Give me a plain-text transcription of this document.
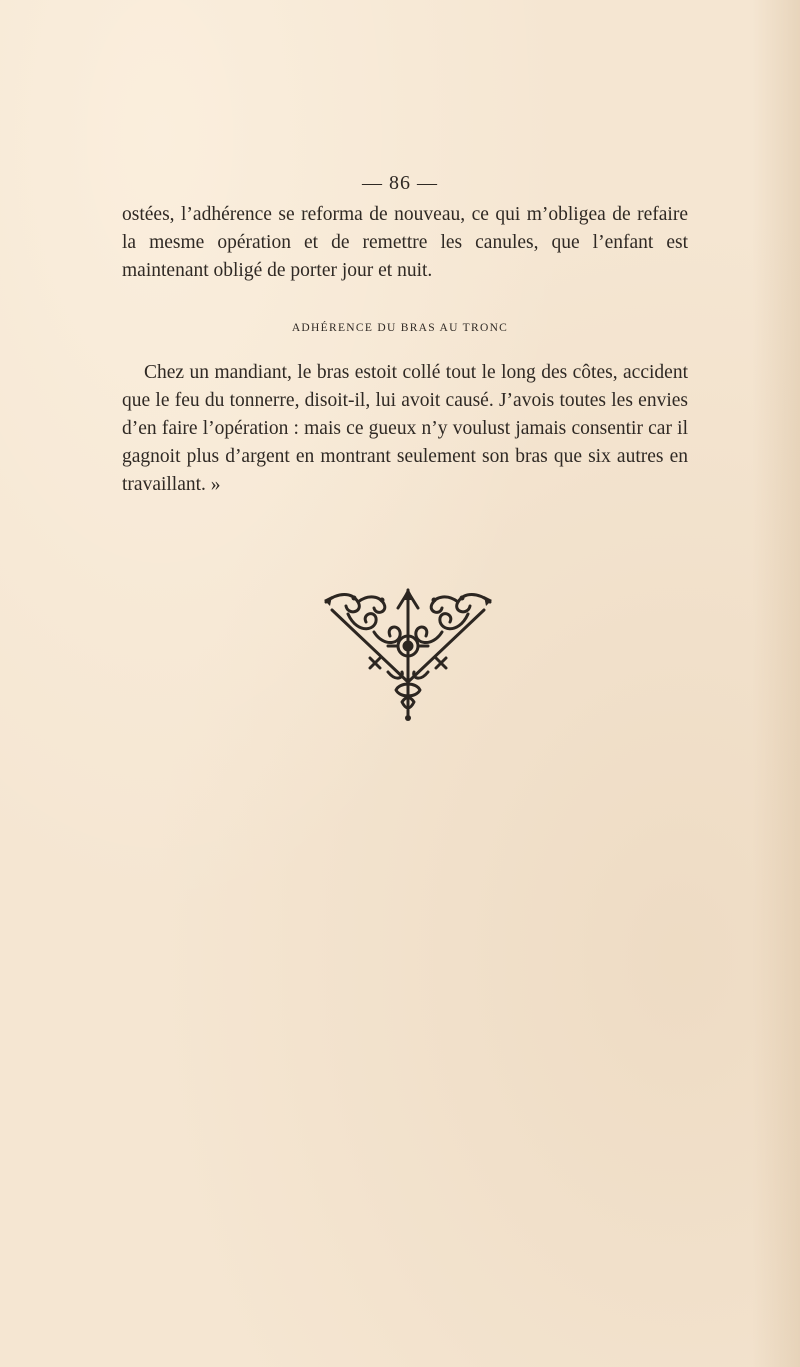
— 86 —

ostées, l’adhérence se reforma de nouveau, ce qui m’obligea de refaire la mesme opération et de remettre les canules, que l’enfant est maintenant obligé de porter jour et nuit.

ADHÉRENCE DU BRAS AU TRONC

Chez un mandiant, le bras estoit collé tout le long des côtes, accident que le feu du tonnerre, disoit-il, lui avoit causé. J’avois toutes les envies d’en faire l’opération : mais ce gueux n’y voulust jamais consentir car il gagnoit plus d’argent en montrant seulement son bras que six autres en travaillant. »
